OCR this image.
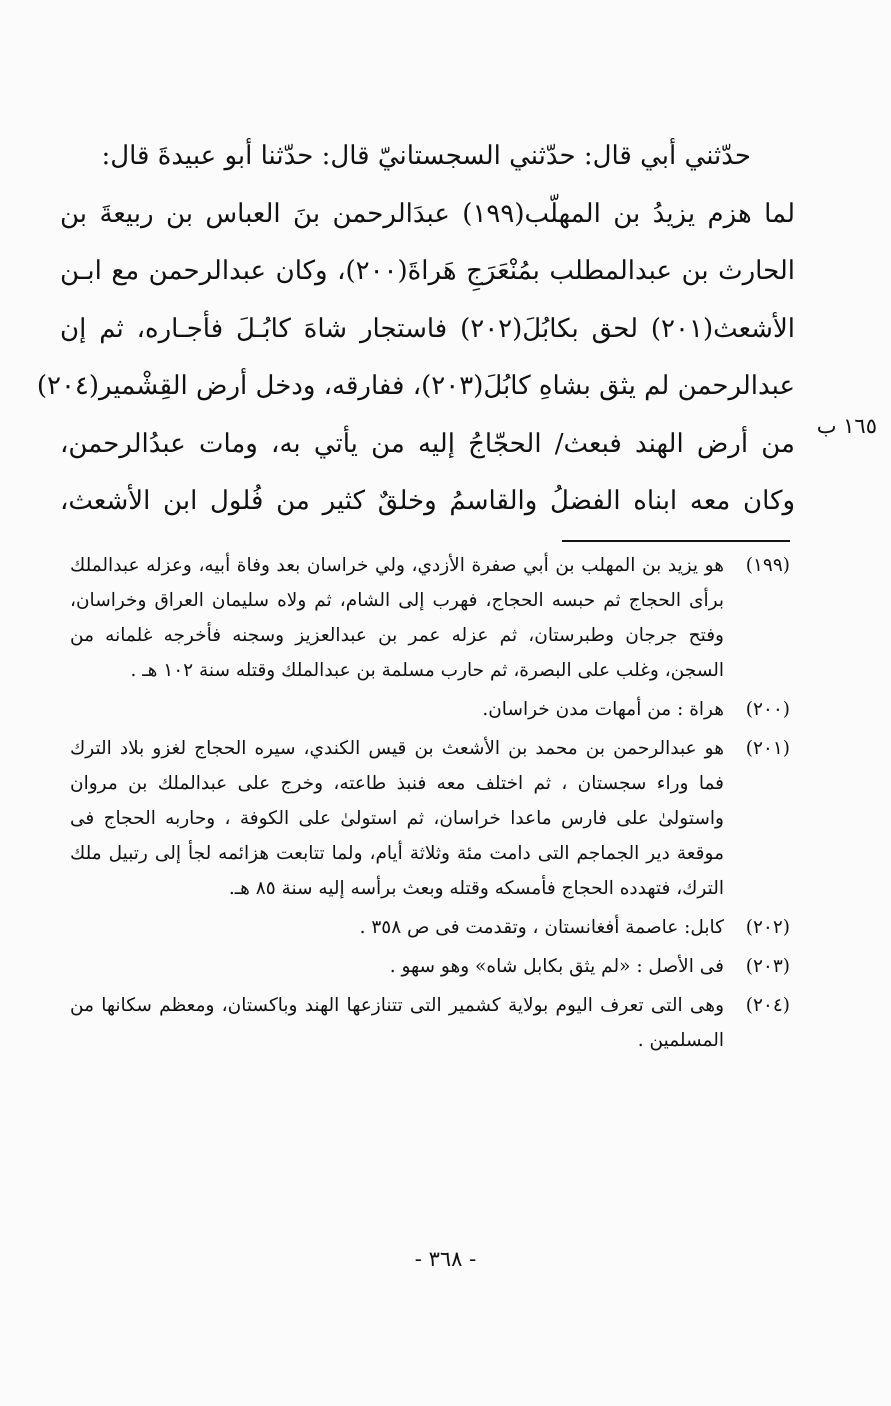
حدّثني أبي قال: حدّثني السجستانيّ قال: حدّثنا أبو عبيدةَ قال:
لما هزم يزيدُ بن المهلّب(١٩٩) عبدَالرحمن بنَ العباس بن ربيعةَ بن
الحارث بن عبدالمطلب بمُنْعَرَجِ هَراةَ(٢٠٠)، وكان عبدالرحمن مع ابـن
الأشعث(٢٠١) لحق بكابُلَ(٢٠٢) فاستجار شاهَ كابُـلَ فأجـاره، ثم إن
عبدالرحمن لم يثق بشاهِ كابُلَ(٢٠٣)، ففارقه، ودخل أرض القِشْمير(٢٠٤)
من أرض الهند فبعث/ الحجّاجُ إليه من يأتي به، ومات عبدُالرحمن،
وكان معه ابناه الفضلُ والقاسمُ وخلقٌ كثير من فُلول ابن الأشعث،
١٦٥ ب
(١٩٩)
هو يزيد بن المهلب بن أبي صفرة الأزدي، ولي خراسان بعد وفاة أبيه، وعزله عبدالملك برأى الحجاج ثم حبسه الحجاج، فهرب إلى الشام، ثم ولاه سليمان العراق وخراسان، وفتح جرجان وطبرستان، ثم عزله عمر بن عبدالعزيز وسجنه فأخرجه غلمانه من السجن، وغلب على البصرة، ثم حارب مسلمة بن عبدالملك وقتله سنة ١٠٢ هـ .
(٢٠٠)
هراة : من أمهات مدن خراسان.
(٢٠١)
هو عبدالرحمن بن محمد بن الأشعث بن قيس الكندي، سيره الحجاج لغزو بلاد الترك فما وراء سجستان ، ثم اختلف معه فنبذ طاعته، وخرج على عبدالملك بن مروان واستولىٰ على فارس ماعدا خراسان، ثم استولىٰ على الكوفة ، وحاربه الحجاج فى موقعة دير الجماجم التى دامت مئة وثلاثة أيام، ولما تتابعت هزائمه لجأ إلى رتبيل ملك الترك، فتهدده الحجاج فأمسكه وقتله وبعث برأسه إليه سنة ٨٥ هـ.
(٢٠٢)
كابل: عاصمة أفغانستان ، وتقدمت فى ص ٣٥٨ .
(٢٠٣)
فى الأصل : «لم يثق بكابل شاه» وهو سهو .
(٢٠٤)
وهى التى تعرف اليوم بولاية كشمير التى تتنازعها الهند وباكستان، ومعظم سكانها من المسلمين .
- ٣٦٨ -
